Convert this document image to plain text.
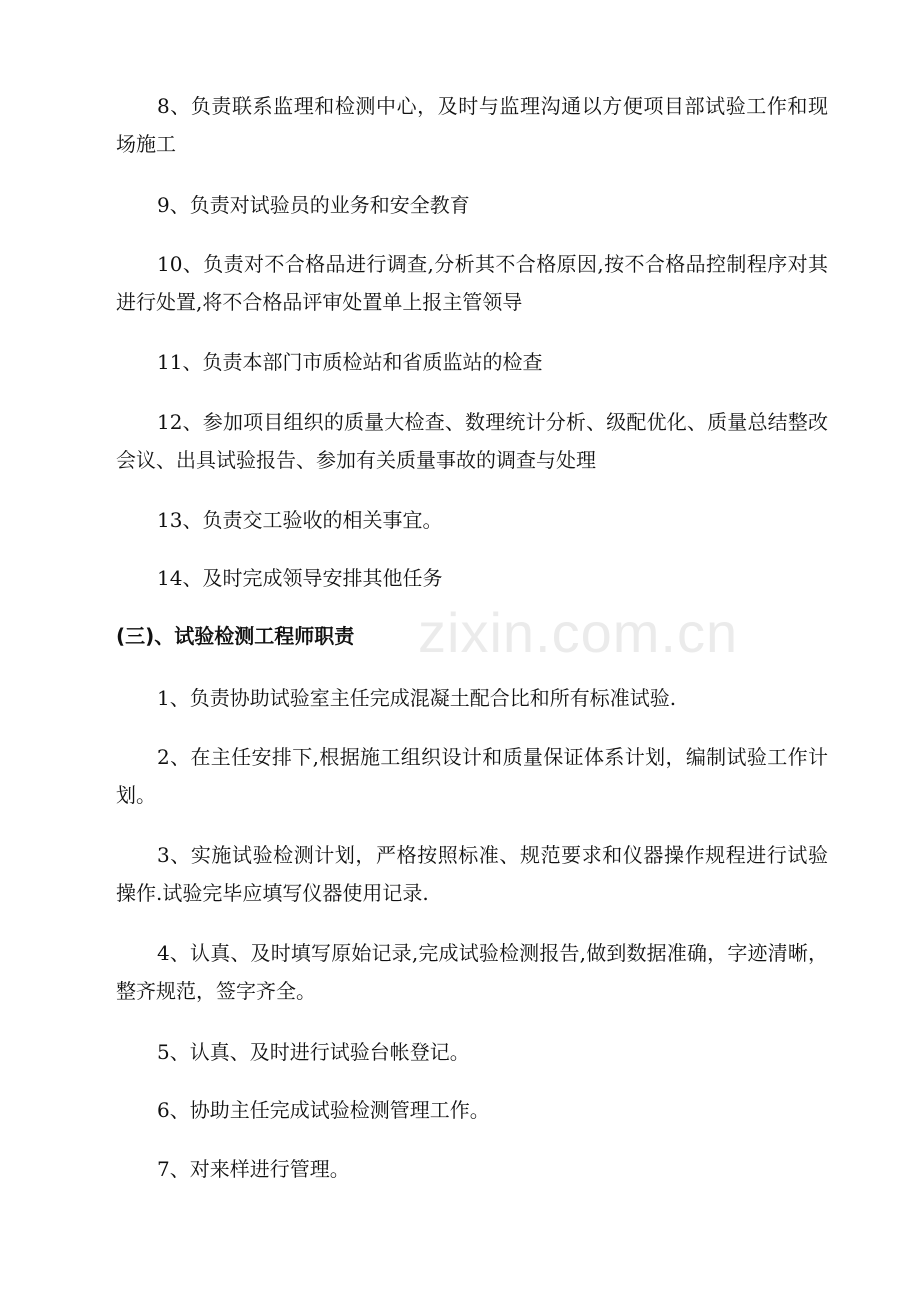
zixin.com.cn

8、负责联系监理和检测中心，及时与监理沟通以方便项目部试验工作和现场施工

9、负责对试验员的业务和安全教育

10、负责对不合格品进行调查,分析其不合格原因,按不合格品控制程序对其进行处置,将不合格品评审处置单上报主管领导

11、负责本部门市质检站和省质监站的检查

12、参加项目组织的质量大检查、数理统计分析、级配优化、质量总结整改会议、出具试验报告、参加有关质量事故的调查与处理

13、负责交工验收的相关事宜。

14、及时完成领导安排其他任务

(三)、试验检测工程师职责

1、负责协助试验室主任完成混凝土配合比和所有标准试验.

2、在主任安排下,根据施工组织设计和质量保证体系计划，编制试验工作计划。

3、实施试验检测计划，严格按照标准、规范要求和仪器操作规程进行试验操作.试验完毕应填写仪器使用记录.

4、认真、及时填写原始记录,完成试验检测报告,做到数据准确，字迹清晰，整齐规范，签字齐全。

5、认真、及时进行试验台帐登记。

6、协助主任完成试验检测管理工作。

7、对来样进行管理。
